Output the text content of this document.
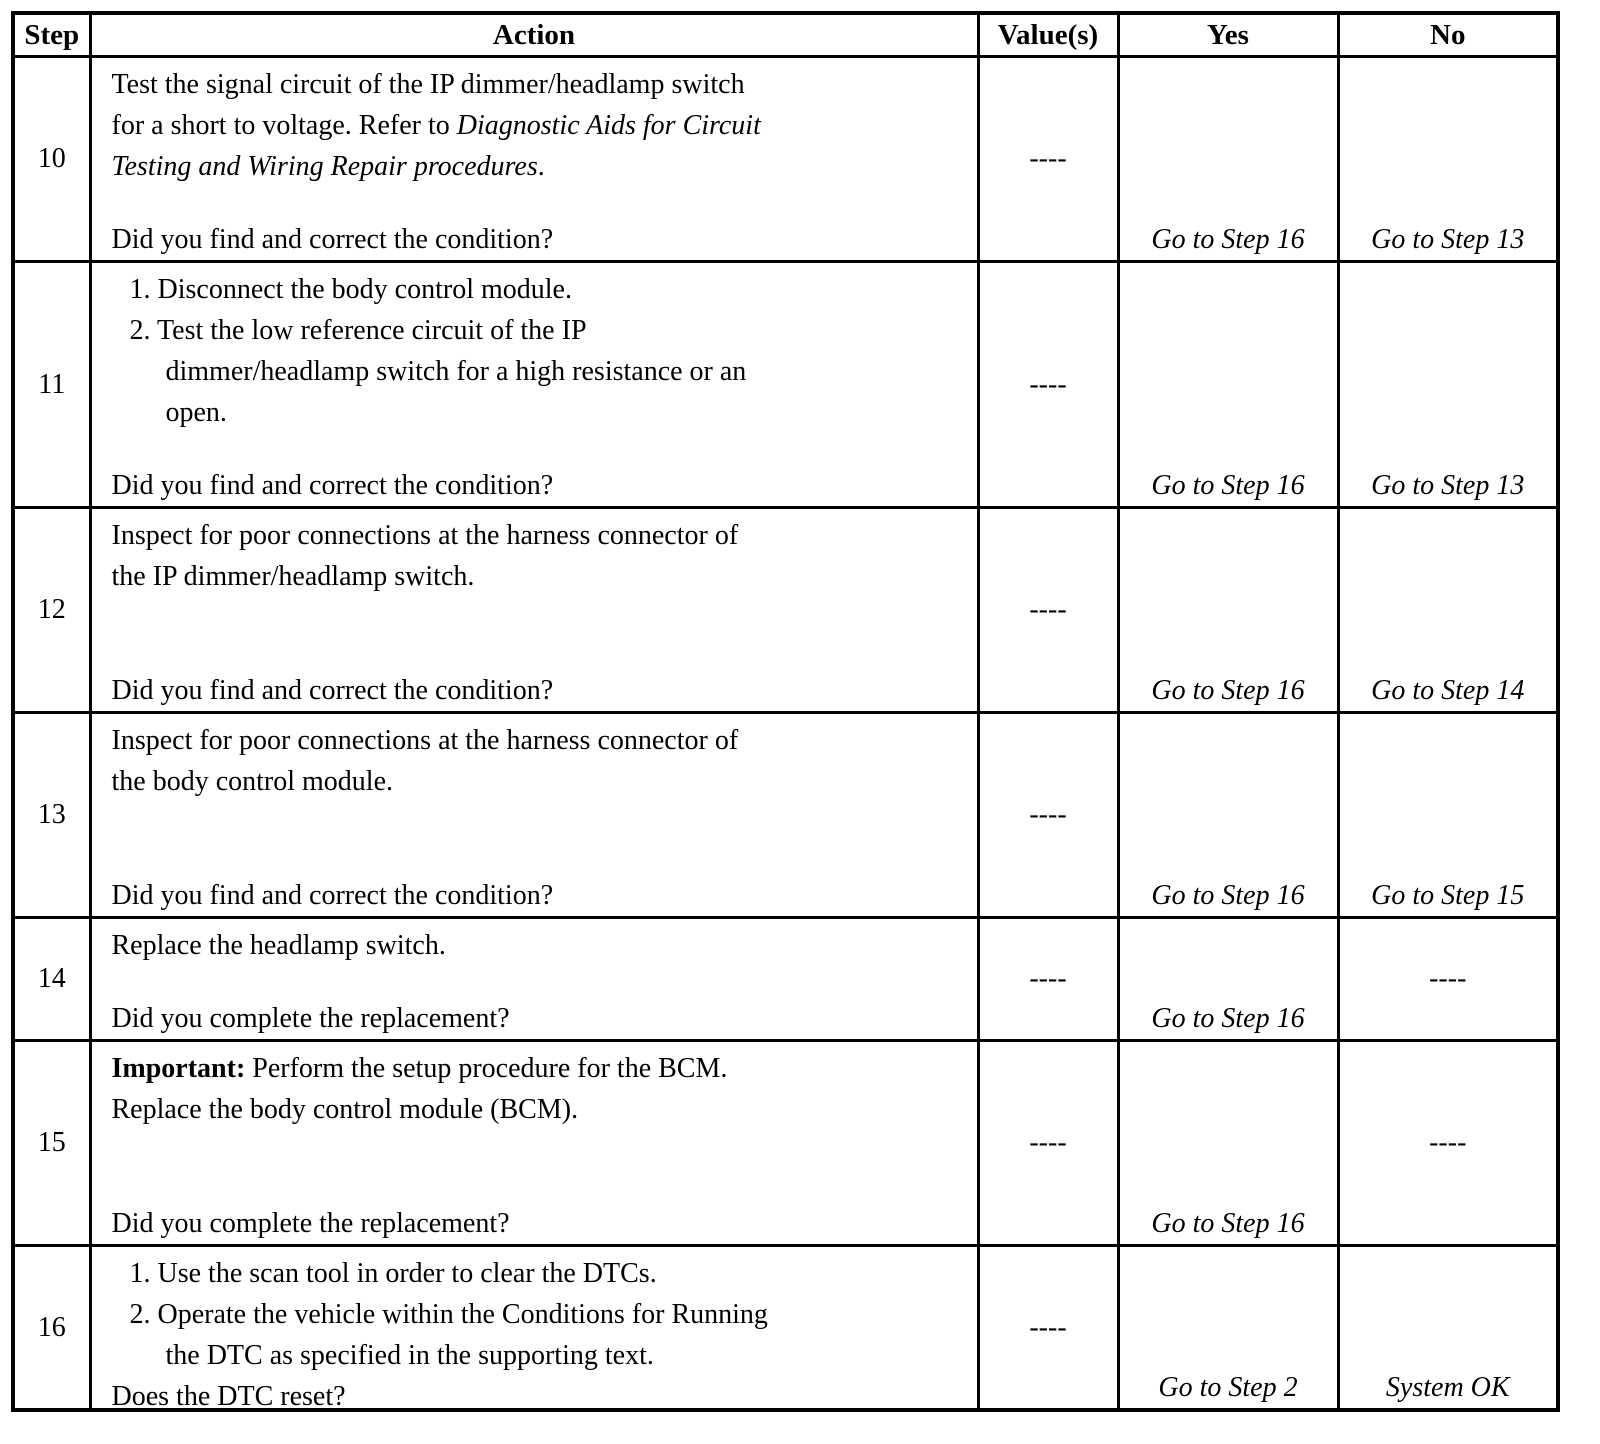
Step	Action	Value(s)	Yes	No
10	Test the signal circuit of the IP dimmer/headlamp switch
for a short to voltage. Refer to Diagnostic Aids for Circuit
Testing and Wiring Repair procedures.
Did you find and correct the condition?	----	Go to Step 16	Go to Step 13
11	1. Disconnect the body control module.
2. Test the low reference circuit of the IP
dimmer/headlamp switch for a high resistance or an
open.
Did you find and correct the condition?	----	Go to Step 16	Go to Step 13
12	Inspect for poor connections at the harness connector of
the IP dimmer/headlamp switch.
Did you find and correct the condition?	----	Go to Step 16	Go to Step 14
13	Inspect for poor connections at the harness connector of
the body control module.
Did you find and correct the condition?	----	Go to Step 16	Go to Step 15
14	Replace the headlamp switch.
Did you complete the replacement?	----	Go to Step 16	----
15	Important: Perform the setup procedure for the BCM.
Replace the body control module (BCM).
Did you complete the replacement?	----	Go to Step 16	----
16	1. Use the scan tool in order to clear the DTCs.
2. Operate the vehicle within the Conditions for Running
the DTC as specified in the supporting text.
Does the DTC reset?	----	Go to Step 2	System OK
